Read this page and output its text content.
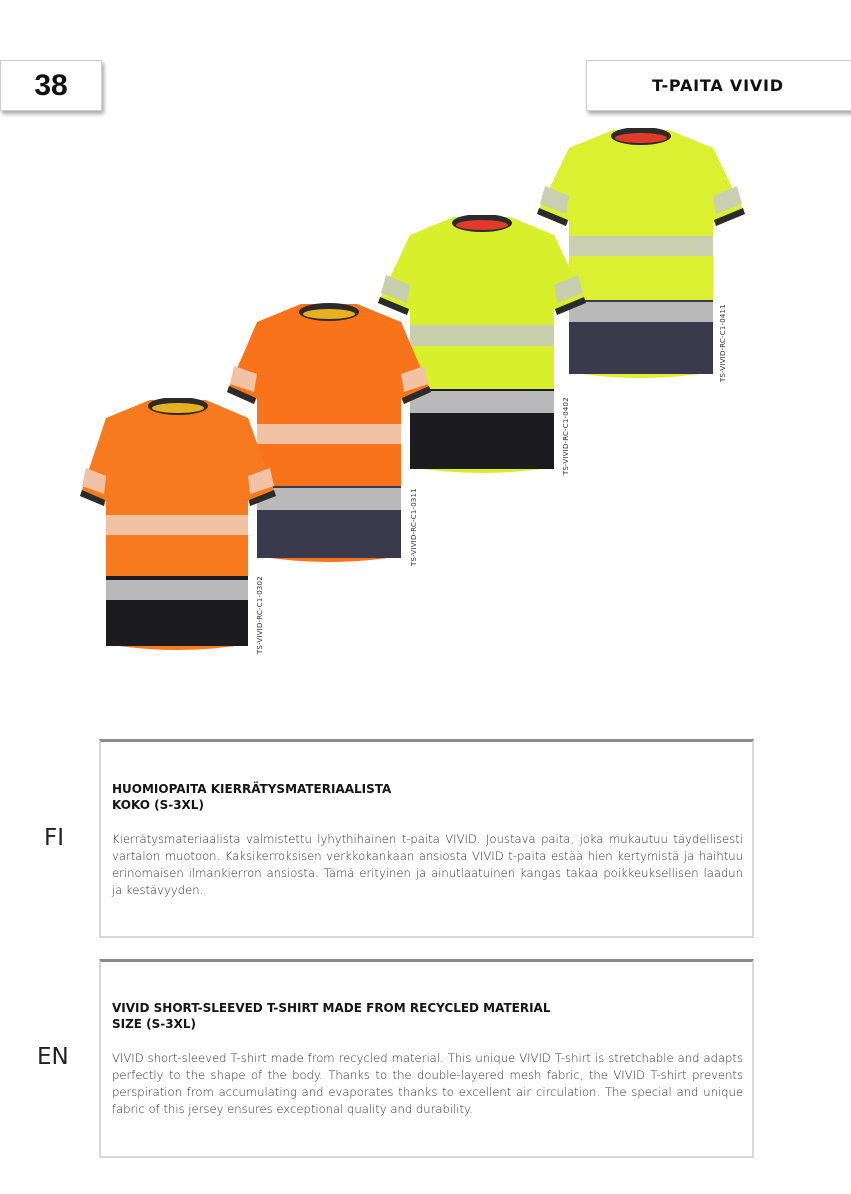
38	T-PAITA VIVID
TS-VIVID-RC-C1-0411
TS-VIVID-RC-C1-0402
TS-VIVID-RC-C1-0311
TS-VIVID-RC-C1-0302
FI
HUOMIOPAITA KIERRÄTYSMATERIAALISTA
KOKO (S-3XL)

Kierrätysmateriaalista valmistettu lyhythihainen t-paita VIVID. Joustava paita, joka mukautuu täydellisesti vartalon muotoon. Kaksikerroksisen verkkokankaan ansiosta VIVID t-paita estää hien kertymistä ja haihtuu erinomaisen ilmankierron ansiosta. Tämä erityinen ja ainutlaatuinen kangas takaa poikkeuksellisen laadun ja kestävyyden.

EN
VIVID SHORT-SLEEVED T-SHIRT MADE FROM RECYCLED MATERIAL
SIZE (S-3XL)

VIVID short-sleeved T-shirt made from recycled material. This unique VIVID T-shirt is stretchable and adapts perfectly to the shape of the body. Thanks to the double-layered mesh fabric, the VIVID T-shirt prevents perspiration from accumulating and evaporates thanks to excellent air circulation. The special and unique fabric of this jersey ensures exceptional quality and durability.
